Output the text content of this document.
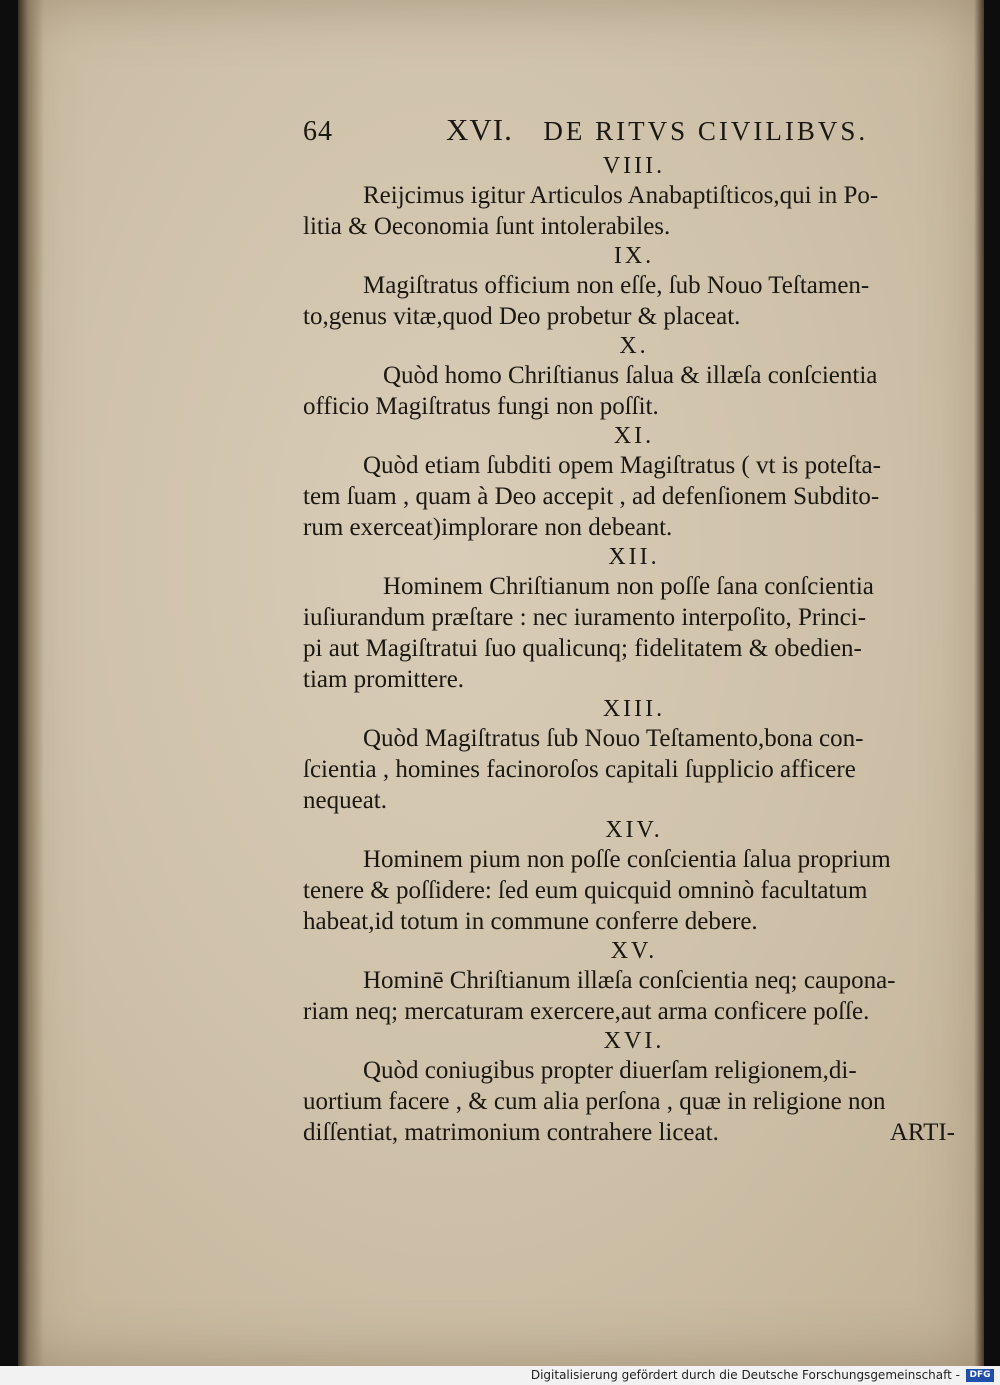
64	XVI. DE RITVS CIVILIBVS.
VIII.

Reijcimus igitur Articulos Anabaptiſticos,qui in Po-
litia & Oeconomia ſunt intolerabiles.

IX.

Magiſtratus officium non eſſe, ſub Nouo Teſtamen-
to,genus vitæ,quod Deo probetur & placeat.

X.

Quòd homo Chriſtianus ſalua & illæſa conſcientia
officio Magiſtratus fungi non poſſit.

XI.

Quòd etiam ſubditi opem Magiſtratus ( vt is poteſta-
tem ſuam , quam à Deo accepit , ad defenſionem Subdito-
rum exerceat)implorare non debeant.

XII.

Hominem Chriſtianum non poſſe ſana conſcientia
iuſiurandum præſtare : nec iuramento interpoſito, Princi-
pi aut Magiſtratui ſuo qualicunq; fidelitatem & obedien-
tiam promittere.

XIII.

Quòd Magiſtratus ſub Nouo Teſtamento,bona con-
ſcientia , homines facinoroſos capitali ſupplicio afficere
nequeat.

XIV.

Hominem pium non poſſe conſcientia ſalua proprium
tenere & poſſidere: ſed eum quicquid omninò facultatum
habeat,id totum in commune conferre debere.

XV.

Hominē Chriſtianum illæſa conſcientia neq; caupona-
riam neq; mercaturam exercere,aut arma conficere poſſe.

XVI.

Quòd coniugibus propter diuerſam religionem,di-
uortium facere , & cum alia perſona , quæ in religione non
diſſentiat, matrimonium contrahere liceat.	ARTI-

Digitalisierung gefördert durch die Deutsche Forschungsgemeinschaft -	DFG
